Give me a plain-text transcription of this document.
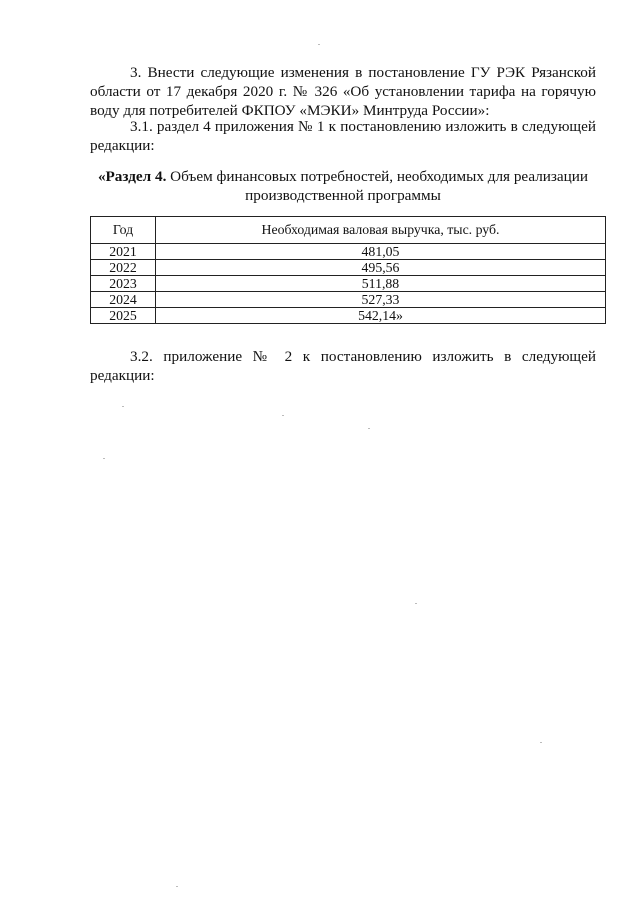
3. Внести следующие изменения в постановление ГУ РЭК Рязанской области от 17 декабря 2020 г. № 326 «Об установлении тарифа на горячую воду для потребителей ФКПОУ «МЭКИ» Минтруда России»:

3.1. раздел 4 приложения № 1 к постановлению изложить в следующей редакции:

«Раздел 4. Объем финансовых потребностей, необходимых для реализации производственной программы

Год	Необходимая валовая выручка, тыс. руб.
2021	481,05
2022	495,56
2023	511,88
2024	527,33
2025	542,14»

3.2. приложение № 2 к постановлению изложить в следующей редакции:
